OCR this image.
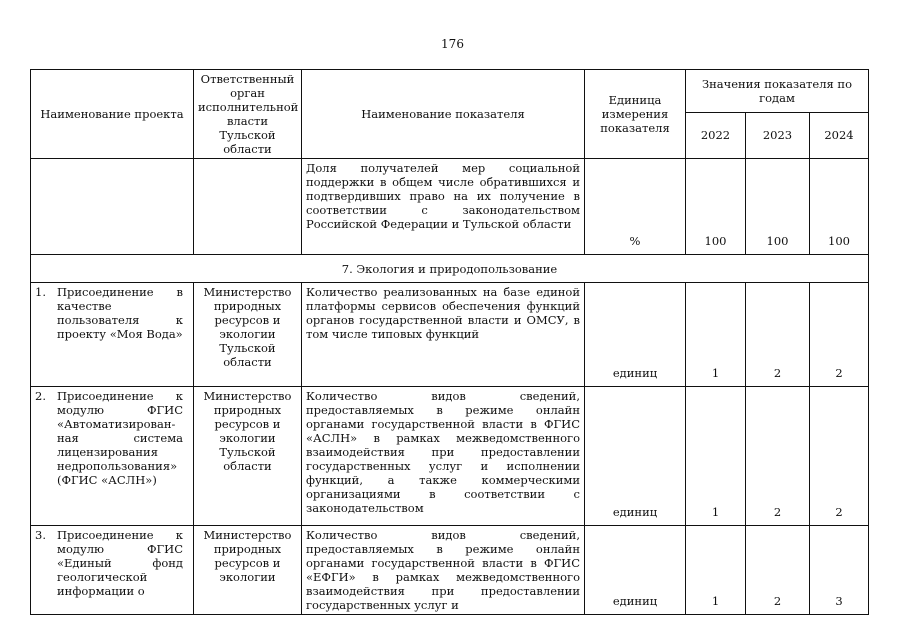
176
Наименование проекта	Ответственный орган исполнительной власти Тульской области	Наименование показателя	Единица измерения показателя	Значения показателя по годам		
				2022	2023	2024
		Доля получателей мер социальной поддержки в общем числе обратившихся и подтвердивших право на их получение в соответствии с законодательством Российской Федерации и Тульской области	%	100	100	100
7. Экология и природопользование						
1. Присоединение в качестве пользователя к проекту «Моя Вода»	Министерство природных ресурсов и экологии Тульской области	Количество реализованных на базе единой платформы сервисов обеспечения функций органов государственной власти и ОМСУ, в том числе типовых функций	единиц	1	2	2
2. Присоединение к модулю ФГИС «Автоматизирован-ная система лицензирования недропользования» (ФГИС «АСЛН»)	Министерство природных ресурсов и экологии Тульской области	Количество видов сведений, предоставляемых в режиме онлайн органами государственной власти в ФГИС «АСЛН» в рамках межведомственного взаимодействия при предоставлении государственных услуг и исполнении функций, а также коммерческими организациями в соответствии с законодательством	единиц	1	2	2
3. Присоединение к модулю ФГИС «Единый фонд геологической информации о	Министерство природных ресурсов и экологии	Количество видов сведений, предоставляемых в режиме онлайн органами государственной власти в ФГИС «ЕФГИ» в рамках межведомственного взаимодействия при предоставлении государственных услуг и	единиц	1	2	3
